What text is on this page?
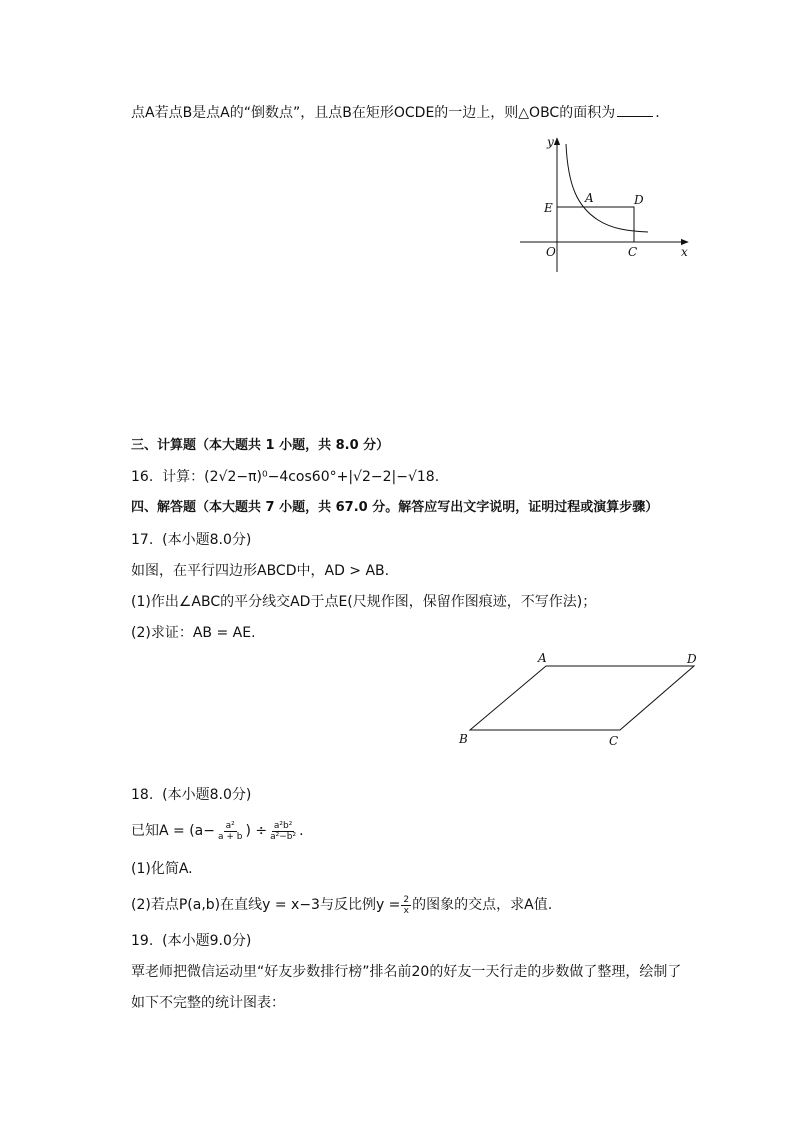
点A若点B是点A的“倒数点”，且点B在矩形OCDE的一边上，则△OBC的面积为	.
y
x
E
A	D
O	C
三、计算题（本大题共 1 小题，共 8.0 分）
16. 计算：(2√2−π)⁰−4cos60°+|√2−2|−√18.
四、解答题（本大题共 7 小题，共 67.0 分。解答应写出文字说明，证明过程或演算步骤）
17. (本小题8.0分)
如图，在平行四边形ABCD中，AD > AB.
(1)作出∠ABC的平分线交AD于点E(尺规作图，保留作图痕迹，不写作法)；
(2)求证：AB = AE.
A	D
B	C
18. (本小题8.0分)
已知$A = (a- \frac{\text{a²}}{a + b}$ ) ÷ $\frac{\text{a²b²}}{\text{a²−b²}}$ .
(1)化简A.
(2)若点P(a,b)在直线y = x−3与反比例$y = \frac{2}{x}$ 的图象的交点，求A值.
19. (本小题9.0分)
覃老师把微信运动里“好友步数排行榜”排名前20的好友一天行走的步数做了整理，绘制了
如下不完整的统计图表：
